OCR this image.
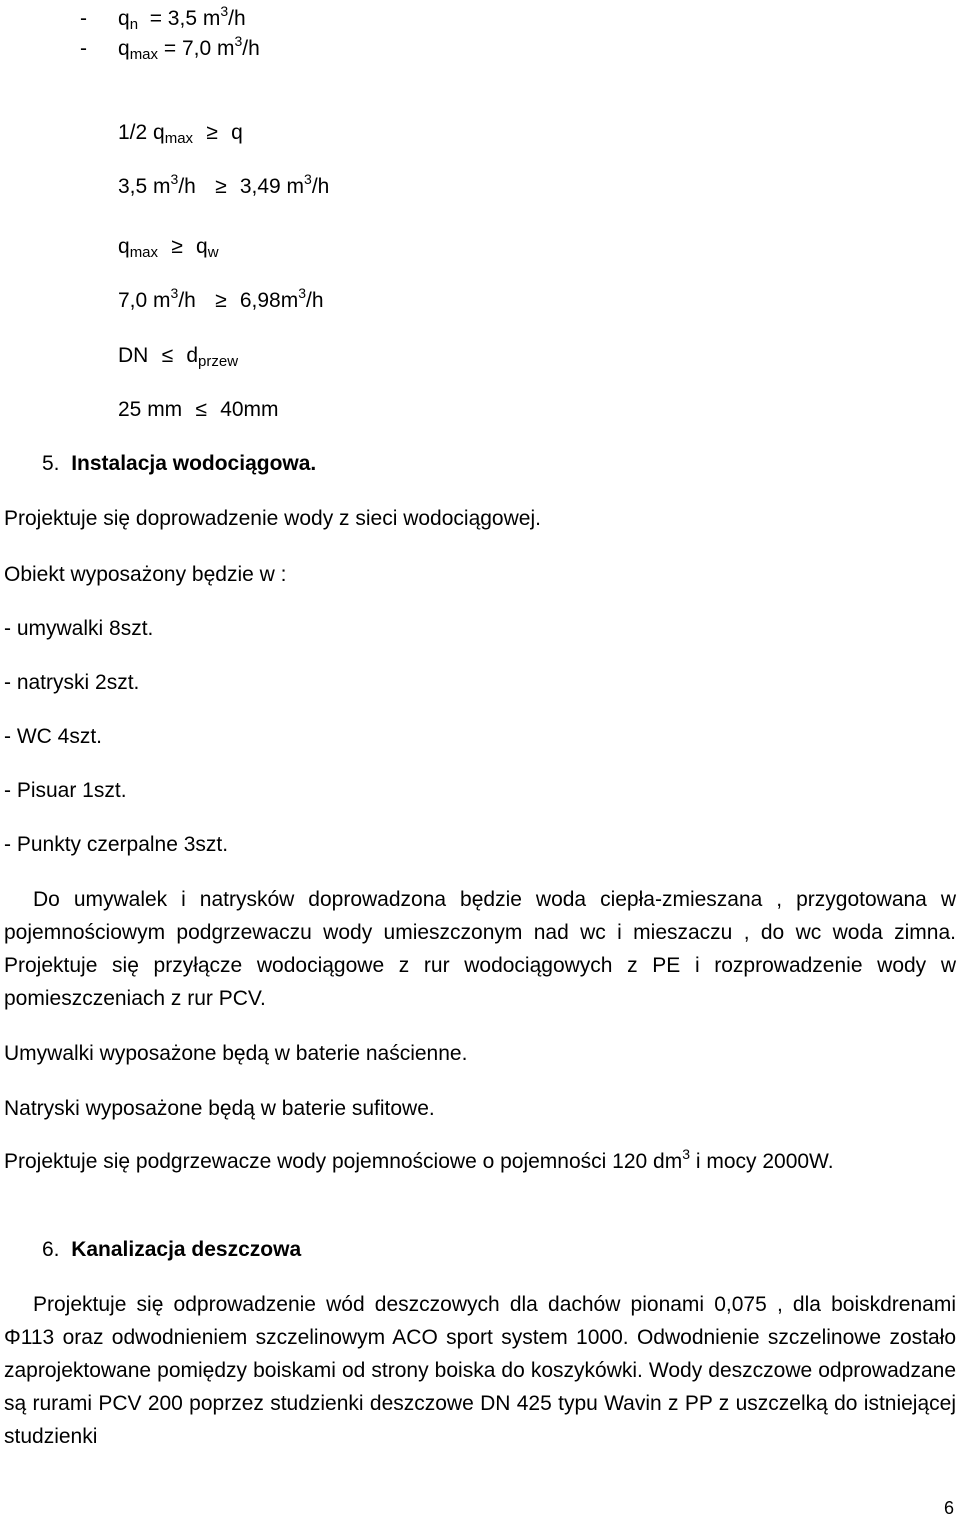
- $q_n = 3,5$ $m^3/h$
- $q_{max} = 7,0$ $m^3/h$
1/2 $q_{max} \ge q$
3,5 $m^3/h \ge 3,49$ $m^3/h$
$q_{max} \ge q_w$
7,0 $m^3/h \ge 6,98m^3/h$
DN ≤ $d_{przew}$
25 mm ≤ 40mm
5. Instalacja wodociągowa.
Projektuje się doprowadzenie wody z sieci wodociągowej.
Obiekt wyposażony będzie w :
- umywalki 8szt.
- natryski 2szt.
- WC 4szt.
- Pisuar 1szt.
- Punkty czerpalne 3szt.

Do umywalek i natrysków doprowadzona będzie woda ciepła-zmieszana , przygotowana w pojemnościowym podgrzewaczu wody umieszczonym nad wc i mieszaczu , do wc woda zimna. Projektuje się przyłącze wodociągowe z rur wodociągowych z PE i rozprowadzenie wody w pomieszczeniach z rur PCV.

Umywalki wyposażone będą w baterie naścienne.
Natryski wyposażone będą w baterie sufitowe.

Projektuje się podgrzewacze wody pojemnościowe o pojemności 120 $dm^3$ i mocy 2000W.

6. Kanalizacja deszczowa

Projektuje się odprowadzenie wód deszczowych dla dachów pionami 0,075 , dla boiskdrenami Φ113 oraz odwodnieniem szczelinowym ACO sport system 1000. Odwodnienie szczelinowe zostało zaprojektowane pomiędzy boiskami od strony boiska do koszykówki. Wody deszczowe odprowadzane są rurami PCV 200 poprzez studzienki deszczowe DN 425 typu Wavin z PP z uszczelką do istniejącej studzienki

6
